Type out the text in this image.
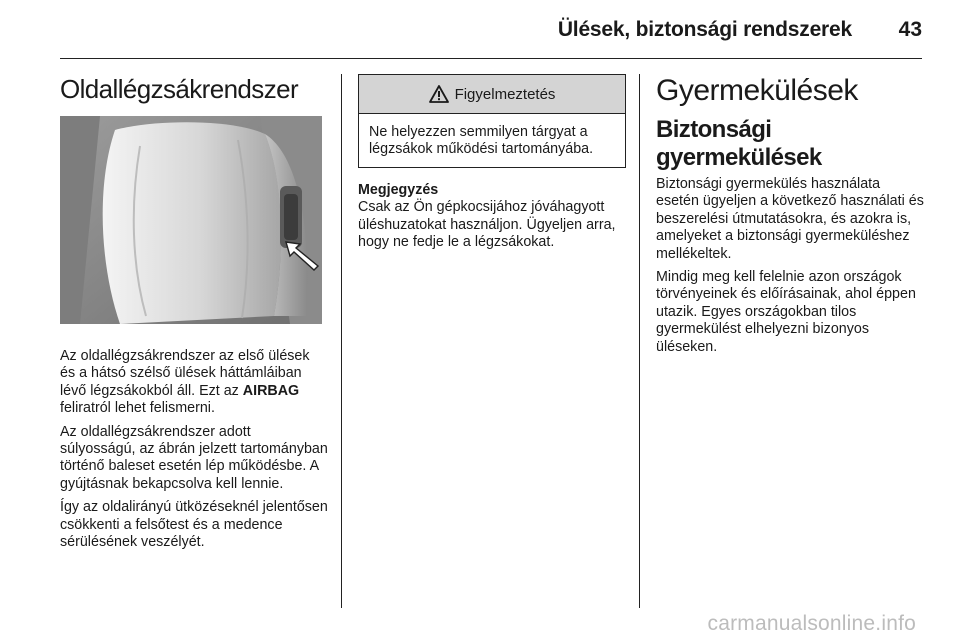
Ülések, biztonsági rendszerek 43
Oldallégzsákrendszer

Az oldallégzsákrendszer az első ülések és a hátsó szélső ülések háttámláiban lévő légzsákokból áll. Ezt az AIRBAG feliratról lehet felismerni.

Az oldallégzsákrendszer adott súlyosságú, az ábrán jelzett tartományban történő baleset esetén lép működésbe. A gyújtásnak bekapcsolva kell lennie.

Így az oldalirányú ütközéseknél jelentősen csökkenti a felsőtest és a medence sérülésének veszélyét.

Figyelmeztetés
Ne helyezzen semmilyen tárgyat a légzsákok működési tartományába.
Megjegyzés

Csak az Ön gépkocsijához jóváhagyott üléshuzatokat használjon. Ügyeljen arra, hogy ne fedje le a légzsákokat.

Gyermekülések
Biztonsági gyermekülések

Biztonsági gyermekülés használata esetén ügyeljen a következő használati és beszerelési útmutatásokra, és azokra is, amelyeket a biztonsági gyermeküléshez mellékeltek.

Mindig meg kell felelnie azon országok törvényeinek és előírásainak, ahol éppen utazik. Egyes országokban tilos gyermekülést elhelyezni bizonyos üléseken.

carmanualsonline.info
